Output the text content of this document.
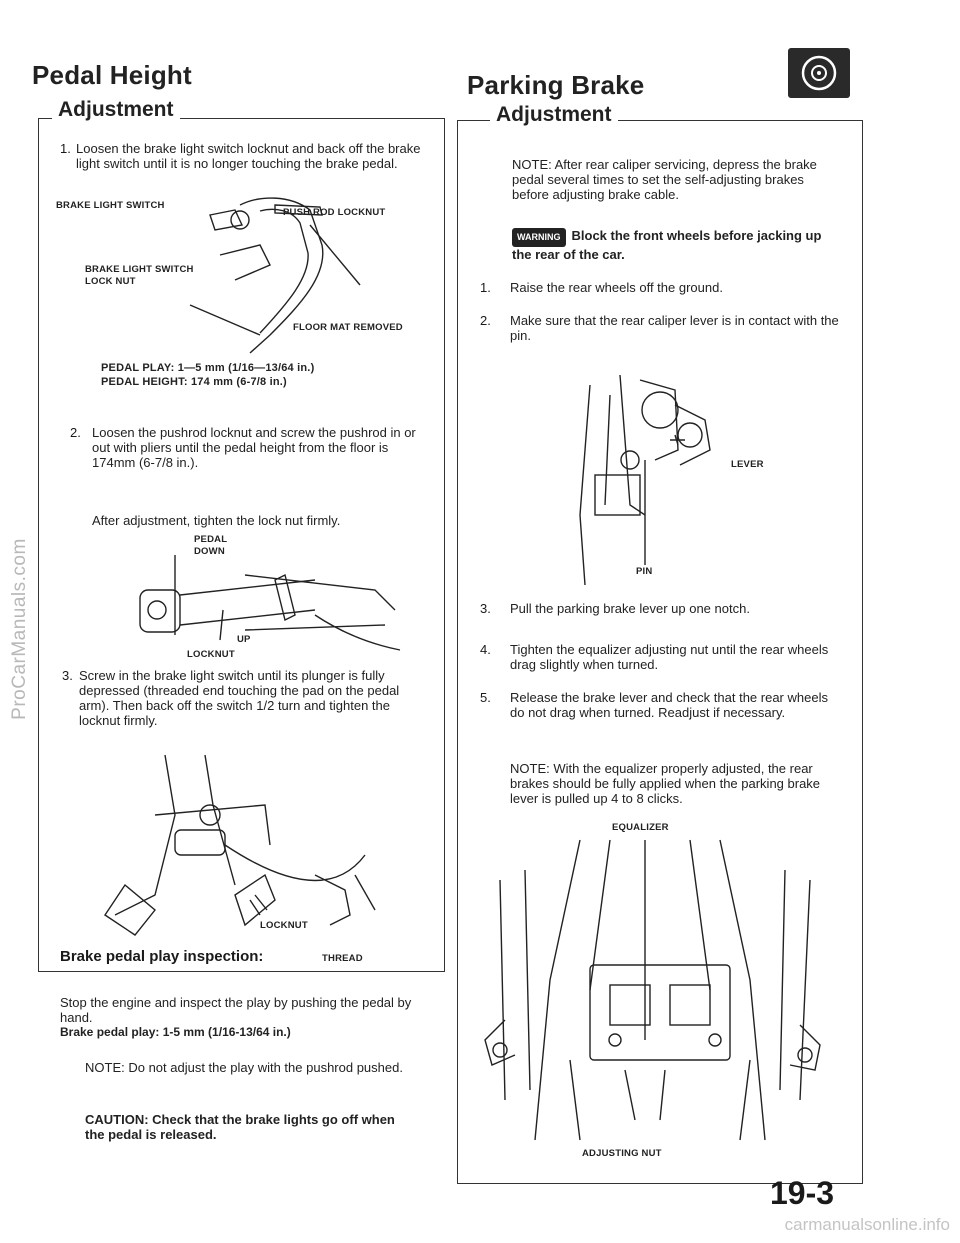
ProCarManuals.com
Pedal Height
Adjustment
1. Loosen the brake light switch locknut and back off the brake light switch until it is no longer touching the brake pedal.
BRAKE LIGHT SWITCH
PUSH ROD LOCKNUT
BRAKE LIGHT SWITCH
LOCK NUT
FLOOR MAT REMOVED
PEDAL PLAY: 1—5 mm (1/16—13/64 in.)
PEDAL HEIGHT: 174 mm (6-7/8 in.)
2. Loosen the pushrod locknut and screw the pushrod in or out with pliers until the pedal height from the floor is 174mm (6-7/8 in.).
After adjustment, tighten the lock nut firmly.
PEDAL
DOWN
UP
LOCKNUT
3. Screw in the brake light switch until its plunger is fully depressed (threaded end touching the pad on the pedal arm). Then back off the switch 1/2 turn and tighten the locknut firmly.
LOCKNUT
THREAD
Brake pedal play inspection:
Stop the engine and inspect the play by pushing the pedal by hand.
Brake pedal play: 1-5 mm (1/16-13/64 in.)
NOTE: Do not adjust the play with the pushrod pushed.
CAUTION: Check that the brake lights go off when the pedal is released.
Parking Brake
Adjustment
NOTE: After rear caliper servicing, depress the brake pedal several times to set the self-adjusting brakes before adjusting brake cable.
WARNING Block the front wheels before jacking up the rear of the car.
1. Raise the rear wheels off the ground.
2. Make sure that the rear caliper lever is in contact with the pin.
LEVER
PIN
3. Pull the parking brake lever up one notch.
4. Tighten the equalizer adjusting nut until the rear wheels drag slightly when turned.
5. Release the brake lever and check that the rear wheels do not drag when turned. Readjust if necessary.
NOTE: With the equalizer properly adjusted, the rear brakes should be fully applied when the parking brake lever is pulled up 4 to 8 clicks.
EQUALIZER
ADJUSTING NUT
19-3
carmanualsonline.info
